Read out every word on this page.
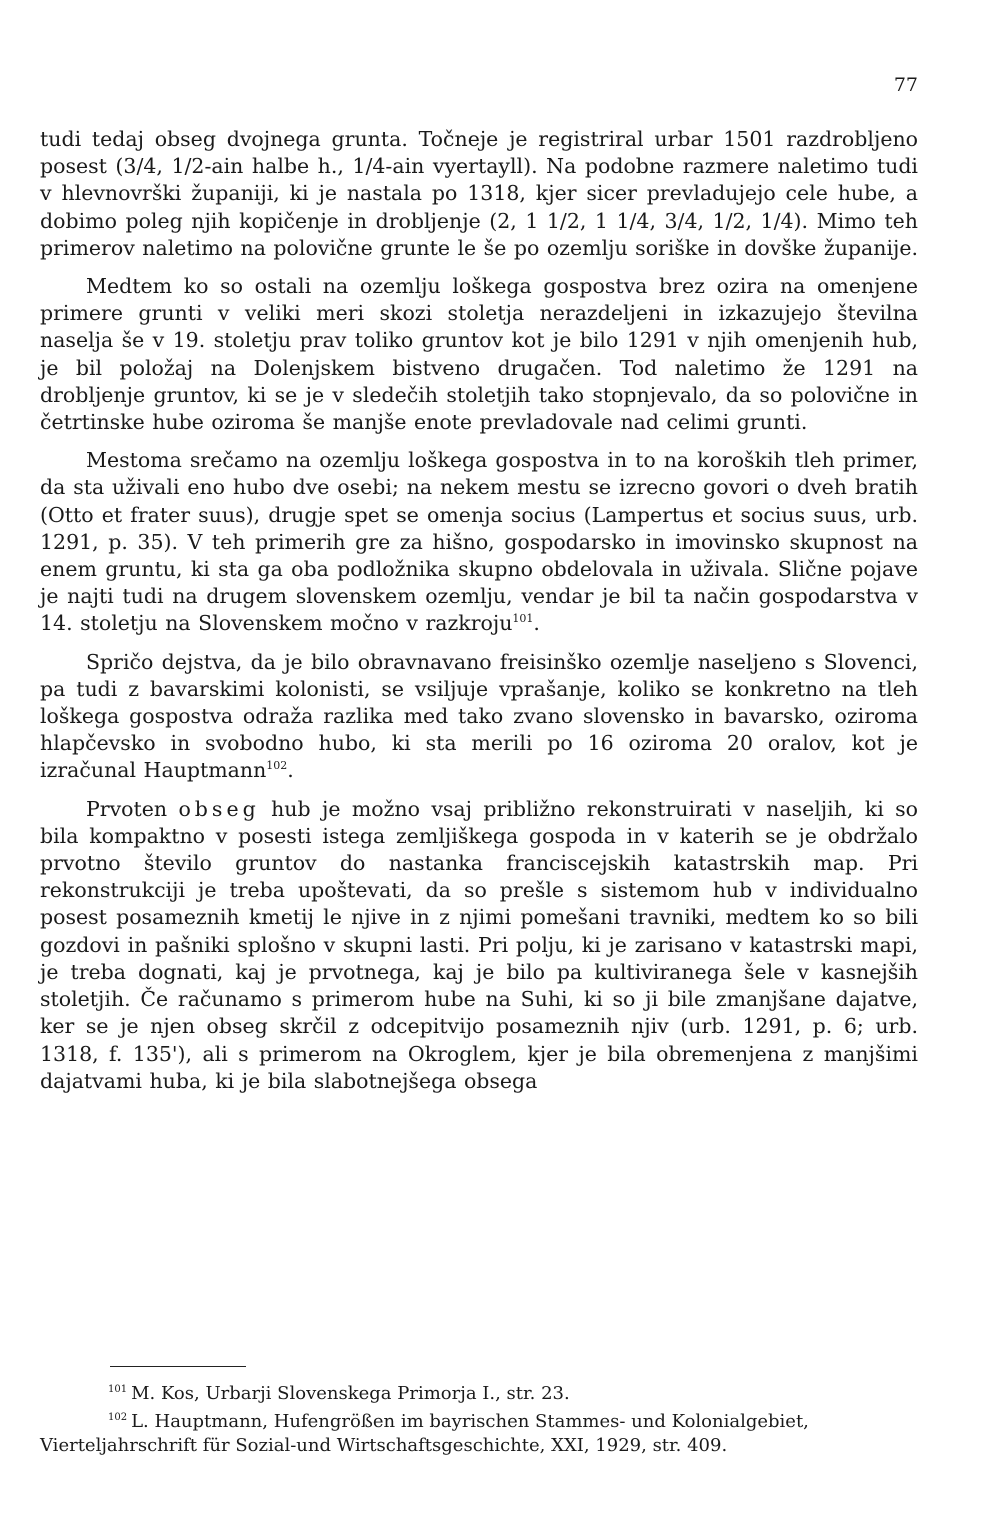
77

tudi tedaj obseg dvojnega grunta. Točneje je registriral urbar 1501 razdrobljeno posest (3/4, 1/2-ain halbe h., 1/4-ain vyertayll). Na podobne razmere naletimo tudi v hlevnovrški županiji, ki je nastala po 1318, kjer sicer prevladujejo cele hube, a dobimo poleg njih kopičenje in drobljenje (2, 1 1/2, 1 1/4, 3/4, 1/2, 1/4). Mimo teh primerov naletimo na polovične grunte le še po ozemlju soriške in dovške županije.

Medtem ko so ostali na ozemlju loškega gospostva brez ozira na omenjene primere grunti v veliki meri skozi stoletja nerazdeljeni in izkazujejo številna naselja še v 19. stoletju prav toliko gruntov kot je bilo 1291 v njih omenjenih hub, je bil položaj na Dolenjskem bistveno drugačen. Tod naletimo že 1291 na drobljenje gruntov, ki se je v sledečih stoletjih tako stopnjevalo, da so polovične in četrtinske hube oziroma še manjše enote prevladovale nad celimi grunti.

Mestoma srečamo na ozemlju loškega gospostva in to na koroških tleh primer, da sta uživali eno hubo dve osebi; na nekem mestu se izrecno govori o dveh bratih (Otto et frater suus), drugje spet se omenja socius (Lampertus et socius suus, urb. 1291, p. 35). V teh primerih gre za hišno, gospodarsko in imovinsko skupnost na enem gruntu, ki sta ga oba podložnika skupno obdelovala in uživala. Slične pojave je najti tudi na drugem slovenskem ozemlju, vendar je bil ta način gospodarstva v 14. stoletju na Slovenskem močno v razkroju$^{101}$.

Spričo dejstva, da je bilo obravnavano freisinško ozemlje naseljeno s Slovenci, pa tudi z bavarskimi kolonisti, se vsiljuje vprašanje, koliko se konkretno na tleh loškega gospostva odraža razlika med tako zvano slovensko in bavarsko, oziroma hlapčevsko in svobodno hubo, ki sta merili po 16 oziroma 20 oralov, kot je izračunal Hauptmann$^{102}$.

Prvoten obseg hub je možno vsaj približno rekonstruirati v naseljih, ki so bila kompaktno v posesti istega zemljiškega gospoda in v katerih se je obdržalo prvotno število gruntov do nastanka franciscejskih katastrskih map. Pri rekonstrukciji je treba upoštevati, da so prešle s sistemom hub v individualno posest posameznih kmetij le njive in z njimi pomešani travniki, medtem ko so bili gozdovi in pašniki splošno v skupni lasti. Pri polju, ki je zarisano v katastrski mapi, je treba dognati, kaj je prvotnega, kaj je bilo pa kultiviranega šele v kasnejših stoletjih. Če računamo s primerom hube na Suhi, ki so ji bile zmanjšane dajatve, ker se je njen obseg skrčil z odcepitvijo posameznih njiv (urb. 1291, p. 6; urb. 1318, f. 135'), ali s primerom na Okroglem, kjer je bila obremenjena z manjšimi dajatvami huba, ki je bila slabotnejšega obsega

$^{101}$ M. Kos, Urbarji Slovenskega Primorja I., str. 23.

$^{102}$ L. Hauptmann, Hufengrößen im bayrischen Stammes- und Kolonialgebiet, Vierteljahrschrift für Sozial-und Wirtschaftsgeschichte, XXI, 1929, str. 409.
